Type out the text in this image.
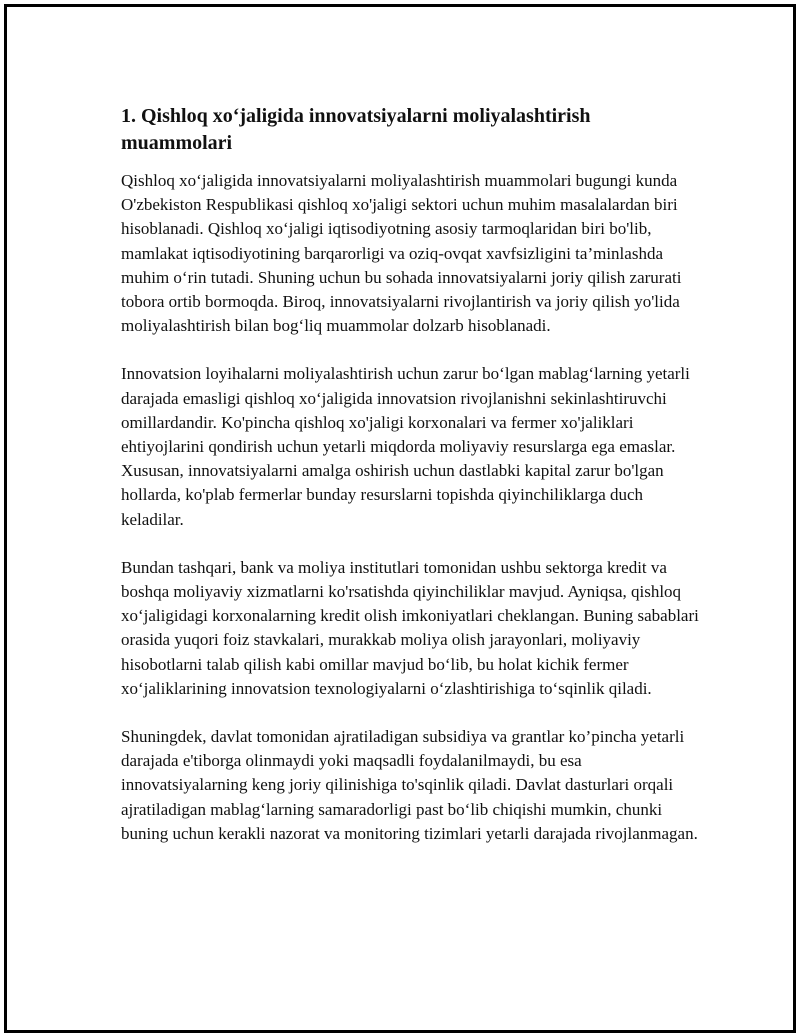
1. Qishloq xo‘jaligida innovatsiyalarni moliyalashtirish muammolari

Qishloq xo‘jaligida innovatsiyalarni moliyalashtirish muammolari bugungi kunda O'zbekiston Respublikasi qishloq xo'jaligi sektori uchun muhim masalalardan biri hisoblanadi. Qishloq xo‘jaligi iqtisodiyotning asosiy tarmoqlaridan biri bo'lib, mamlakat iqtisodiyotining barqarorligi va oziq-ovqat xavfsizligini ta’minlashda muhim o‘rin tutadi. Shuning uchun bu sohada innovatsiyalarni joriy qilish zarurati tobora ortib bormoqda. Biroq, innovatsiyalarni rivojlantirish va joriy qilish yo'lida moliyalashtirish bilan bog‘liq muammolar dolzarb hisoblanadi.

Innovatsion loyihalarni moliyalashtirish uchun zarur bo‘lgan mablag‘larning yetarli darajada emasligi qishloq xo‘jaligida innovatsion rivojlanishni sekinlashtiruvchi omillardandir. Ko'pincha qishloq xo'jaligi korxonalari va fermer xo'jaliklari ehtiyojlarini qondirish uchun yetarli miqdorda moliyaviy resurslarga ega emaslar. Xususan, innovatsiyalarni amalga oshirish uchun dastlabki kapital zarur bo'lgan hollarda, ko'plab fermerlar bunday resurslarni topishda qiyinchiliklarga duch keladilar.

Bundan tashqari, bank va moliya institutlari tomonidan ushbu sektorga kredit va boshqa moliyaviy xizmatlarni ko'rsatishda qiyinchiliklar mavjud. Ayniqsa, qishloq xo‘jaligidagi korxonalarning kredit olish imkoniyatlari cheklangan. Buning sabablari orasida yuqori foiz stavkalari, murakkab moliya olish jarayonlari, moliyaviy hisobotlarni talab qilish kabi omillar mavjud bo‘lib, bu holat kichik fermer xo‘jaliklarining innovatsion texnologiyalarni o‘zlashtirishiga to‘sqinlik qiladi.

Shuningdek, davlat tomonidan ajratiladigan subsidiya va grantlar ko’pincha yetarli darajada e'tiborga olinmaydi yoki maqsadli foydalanilmaydi, bu esa innovatsiyalarning keng joriy qilinishiga to'sqinlik qiladi. Davlat dasturlari orqali ajratiladigan mablag‘larning samaradorligi past bo‘lib chiqishi mumkin, chunki buning uchun kerakli nazorat va monitoring tizimlari yetarli darajada rivojlanmagan.
